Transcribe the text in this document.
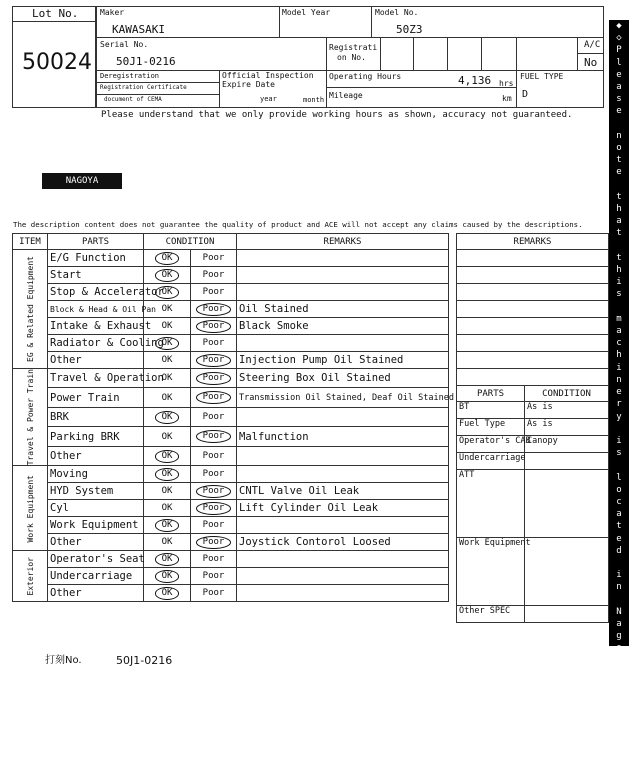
Lot No.
50024
Maker
KAWASAKI
Model Year	Model No.
50Z3
Serial No.
50J1-0216
Registrati
on No.
A/C
No
Deregistration
Registration Certificate
document of CEMA
Official Inspection
Expire Date
year	month
Operating Hours	4,136 hrs
Mileage	km
FUEL TYPE
D
Please understand that we only provide working hours as shown, accuracy not guaranteed.
NAGOYA
The description content does not guarantee the quality of product and ACE will not accept any claims caused by the descriptions.
◆
◇
P
l
e
a
s
e

n
o
t
e

t
h
a
t

t
h
i
s

m
a
c
h
i
n
e
r
y

i
s

l
o
c
a
t
e
d

i
n

N
a
g
o
y
a

Y
a
r
d
◆
◇
ITEM	PARTS	CONDITION		REMARKS

EG & Related Equipment	E/G Function	OK	Poor	
	Start	OK	Poor	
	Stop & Accelerator	OK	Poor	
	Block & Head & Oil Pan	OK	Poor	Oil Stained
	Intake & Exhaust	OK	Poor	Black Smoke
	Radiator & Cooling	OK	Poor	
	Other	OK	Poor	Injection Pump Oil Stained

Travel & Power Train	Travel & Operation	OK	Poor	Steering Box Oil Stained
	Power Train	OK	Poor	Transmission Oil Stained, Deaf Oil Stained
	BRK	OK	Poor	
	Parking BRK	OK	Poor	Malfunction
	Other	OK	Poor	

Work Equipment	Moving	OK	Poor	
	HYD System	OK	Poor	CNTL Valve Oil Leak
	Cyl	OK	Poor	Lift Cylinder Oil Leak
	Work Equipment	OK	Poor	
	Other	OK	Poor	Joystick Contorol Loosed

Exterior	Operator's Seat	OK	Poor	
	Undercarriage	OK	Poor	
	Other	OK	Poor	
REMARKS

PARTS	CONDITION
BT	As is
Fuel Type	As is
Operator's CAB	Canopy
Undercarriage	
ATT	
Work Equipment	
Other SPEC	
打刻No.	50J1-0216
